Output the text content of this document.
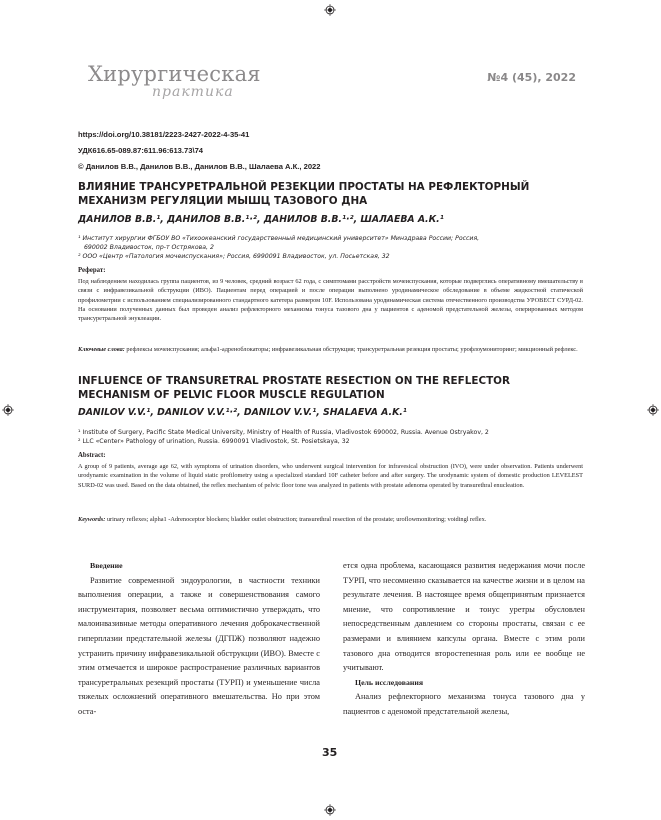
Хирургическая
практика
№4 (45), 2022
https://doi.org/10.38181/2223-2427-2022-4-35-41
УДК616.65-089.87:611.96:613.73\74
© Данилов В.В., Данилов В.В., Данилов В.В., Шалаева А.К., 2022
ВЛИЯНИЕ ТРАНСУРЕТРАЛЬНОЙ РЕЗЕКЦИИ ПРОСТАТЫ НА РЕФЛЕКТОРНЫЙ
МЕХАНИЗМ РЕГУЛЯЦИИ МЫШЦ ТАЗОВОГО ДНА
ДАНИЛОВ В.В.¹, ДАНИЛОВ В.В.¹·², ДАНИЛОВ В.В.¹·², ШАЛАЕВА А.К.¹
¹ Институт хирургии ФГБОУ ВО «Тихоокеанский государственный медицинский университет» Минздрава России; Россия,
690002 Владивосток, пр-т Острякова, 2
² ООО «Центр «Патология мочеиспускания»; Россия, 6990091 Владивосток, ул. Посьетская, 32
Реферат:

Под наблюдением находилась группа пациентов, из 9 человек, средний возраст 62 года, с симптомами расстройств мочеиспускания, которые подверглись оперативному вмешательству в связи с инфравезикальной обструкции (ИВО). Пациентам перед операцией и после операции выполнено уродинамическое обследование в объеме жидкостной статической профилометрии с использованием специализированного стандартного катетера размером 10F. Использована уродинамическая система отечественного производства УРОВЕСТ СУРД-02. На основании полученных данных был проведен анализ рефлекторного механизма тонуса тазового дна у пациентов с аденомой предстательной железы, оперированных методом трансуретральной энуклеации.

Ключевые слова: рефлексы мочеиспускания; альфа1-адреноблокаторы; инфравезикальная обструкция; трансуретральная резекция простаты; урофлоумониторинг; микционный рефлекс.

INFLUENCE OF TRANSURETRAL PROSTATE RESECTION ON THE REFLECTOR
MECHANISM OF PELVIC FLOOR MUSCLE REGULATION
DANILOV V.V.¹, DANILOV V.V.¹·², DANILOV V.V.¹, SHALAEVA A.K.¹
¹ Institute of Surgery, Pacific State Medical University, Ministry of Health of Russia, Vladivostok 690002, Russia. Avenue Ostryakov, 2
² LLC «Center» Pathology of urination, Russia. 6990091 Vladivostok, St. Posietskaya, 32
Abstract:

A group of 9 patients, average age 62, with symptoms of urination disorders, who underwent surgical intervention for infravesical obstruction (IVO), were under observation. Patients underwent urodynamic examination in the volume of liquid static profilometry using a specialized standard 10F catheter before and after surgery. The urodynamic system of domestic production LEVELEST SURD-02 was used. Based on the data obtained, the reflex mechanism of pelvic floor tone was analyzed in patients with prostate adenoma operated by transurethral enucleation.

Keywords: urinary reflexes; alpha1 -Adrenoceptor blockers; bladder outlet obstruction; transurethral resection of the prostate; uroflowmonitoring; voidingl reflex.

Введение

Развитие современной эндоурологии, в частности техники выполнения операции, а также и совершенствования самого инструментария, позволяет весьма оптимистично утверждать, что малоинвазивные методы оперативного лечения доброкачественной гиперплазии предстательной железы (ДГПЖ) позволяют надежно устранить причину инфравезикальной обструкции (ИВО). Вместе с этим отмечается и широкое распространение различных вариантов трансуретральных резекций простаты (ТУРП) и уменьшение числа тяжелых осложнений оперативного вмешательства. Но при этом оста-

ется одна проблема, касающаяся развития недержания мочи после ТУРП, что несомненно сказывается на качестве жизни и в целом на результате лечения. В настоящее время общепринятым признается мнение, что сопротивление и тонус уретры обусловлен непосредственным давлением со стороны простаты, связан с ее размерами и влиянием капсулы органа. Вместе с этим роли тазового дна отводится второстепенная роль или ее вообще не учитывают.

Цель исследования

Анализ рефлекторного механизма тонуса тазового дна у пациентов с аденомой предстательной железы,

35
